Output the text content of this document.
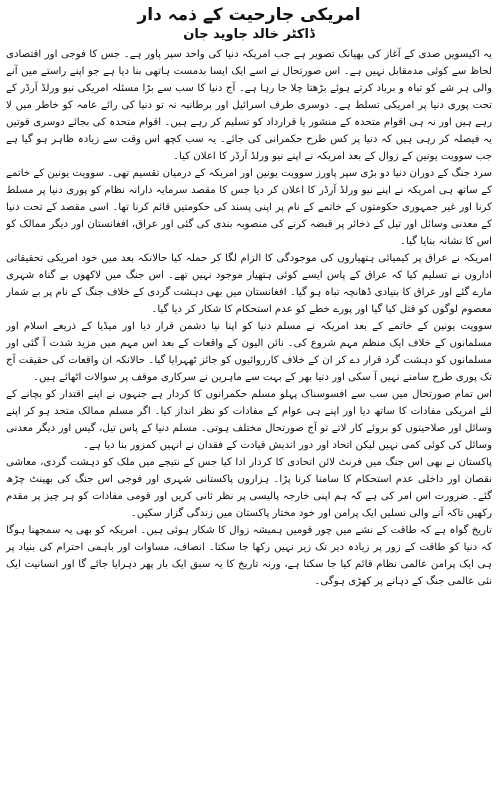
امریکی جارحیت کے ذمہ دار
ڈاکٹر خالد جاوید جان

یہ اکیسویں صدی کے آغاز کی بھیانک تصویر ہے جب امریکہ دنیا کی واحد سپر پاور ہے۔ جس کا فوجی اور اقتصادی لحاظ سے کوئی مدمقابل نہیں ہے۔ اس صورتحال نے اسے ایک ایسا بدمست ہاتھی بنا دیا ہے جو اپنے راستے میں آنے والی ہر شے کو تباہ و برباد کرتے ہوئے بڑھتا چلا جا رہا ہے۔ آج دنیا کا سب سے بڑا مسئلہ امریکی نیو ورلڈ آرڈر کے تحت پوری دنیا پر امریکی تسلط ہے۔ دوسری طرف اسرائیل اور برطانیہ نہ تو دنیا کی رائے عامہ کو خاطر میں لا رہے ہیں اور نہ ہی اقوام متحدہ کے منشور یا قرارداد کو تسلیم کر رہے ہیں۔ اقوام متحدہ کی بجائے دوسری قوتیں یہ فیصلہ کر رہی ہیں کہ دنیا پر کس طرح حکمرانی کی جائے۔ یہ سب کچھ اس وقت سے زیادہ ظاہر ہو گیا ہے جب سوویت یونین کے زوال کے بعد امریکہ نے اپنے نیو ورلڈ آرڈر کا اعلان کیا۔

سرد جنگ کے دوران دنیا دو بڑی سپر پاورز سوویت یونین اور امریکہ کے درمیان تقسیم تھی۔ سوویت یونین کے خاتمے کے ساتھ ہی امریکہ نے اپنے نیو ورلڈ آرڈر کا اعلان کر دیا جس کا مقصد سرمایہ دارانہ نظام کو پوری دنیا پر مسلط کرنا اور غیر جمہوری حکومتوں کے خاتمے کے نام پر اپنی پسند کی حکومتیں قائم کرنا تھا۔ اسی مقصد کے تحت دنیا کے معدنی وسائل اور تیل کے ذخائر پر قبضہ کرنے کی منصوبہ بندی کی گئی اور عراق، افغانستان اور دیگر ممالک کو اس کا نشانہ بنایا گیا۔

امریکہ نے عراق پر کیمیائی ہتھیاروں کی موجودگی کا الزام لگا کر حملہ کیا حالانکہ بعد میں خود امریکی تحقیقاتی اداروں نے تسلیم کیا کہ عراق کے پاس ایسے کوئی ہتھیار موجود نہیں تھے۔ اس جنگ میں لاکھوں بے گناہ شہری مارے گئے اور عراق کا بنیادی ڈھانچہ تباہ ہو گیا۔ افغانستان میں بھی دہشت گردی کے خلاف جنگ کے نام پر بے شمار معصوم لوگوں کو قتل کیا گیا اور پورے خطے کو عدم استحکام کا شکار کر دیا گیا۔

سوویت یونین کے خاتمے کے بعد امریکہ نے مسلم دنیا کو اپنا نیا دشمن قرار دیا اور میڈیا کے ذریعے اسلام اور مسلمانوں کے خلاف ایک منظم مہم شروع کی۔ نائن الیون کے واقعات کے بعد اس مہم میں مزید شدت آ گئی اور مسلمانوں کو دہشت گرد قرار دے کر ان کے خلاف کارروائیوں کو جائز ٹھہرایا گیا۔ حالانکہ ان واقعات کی حقیقت آج تک پوری طرح سامنے نہیں آ سکی اور دنیا بھر کے بہت سے ماہرین نے سرکاری موقف پر سوالات اٹھائے ہیں۔

اس تمام صورتحال میں سب سے افسوسناک پہلو مسلم حکمرانوں کا کردار ہے جنہوں نے اپنے اقتدار کو بچانے کے لئے امریکی مفادات کا ساتھ دیا اور اپنے ہی عوام کے مفادات کو نظر انداز کیا۔ اگر مسلم ممالک متحد ہو کر اپنے وسائل اور صلاحیتوں کو بروئے کار لاتے تو آج صورتحال مختلف ہوتی۔ مسلم دنیا کے پاس تیل، گیس اور دیگر معدنی وسائل کی کوئی کمی نہیں لیکن اتحاد اور دور اندیش قیادت کے فقدان نے انہیں کمزور بنا دیا ہے۔

پاکستان نے بھی اس جنگ میں فرنٹ لائن اتحادی کا کردار ادا کیا جس کے نتیجے میں ملک کو دہشت گردی، معاشی نقصان اور داخلی عدم استحکام کا سامنا کرنا پڑا۔ ہزاروں پاکستانی شہری اور فوجی اس جنگ کی بھینٹ چڑھ گئے۔ ضرورت اس امر کی ہے کہ ہم اپنی خارجہ پالیسی پر نظر ثانی کریں اور قومی مفادات کو ہر چیز پر مقدم رکھیں تاکہ آنے والی نسلیں ایک پرامن اور خود مختار پاکستان میں زندگی گزار سکیں۔

تاریخ گواہ ہے کہ طاقت کے نشے میں چور قومیں ہمیشہ زوال کا شکار ہوئی ہیں۔ امریکہ کو بھی یہ سمجھنا ہوگا کہ دنیا کو طاقت کے زور پر زیادہ دیر تک زیر نہیں رکھا جا سکتا۔ انصاف، مساوات اور باہمی احترام کی بنیاد پر ہی ایک پرامن عالمی نظام قائم کیا جا سکتا ہے، ورنہ تاریخ کا یہ سبق ایک بار پھر دہرایا جائے گا اور انسانیت ایک نئی عالمی جنگ کے دہانے پر کھڑی ہوگی۔
